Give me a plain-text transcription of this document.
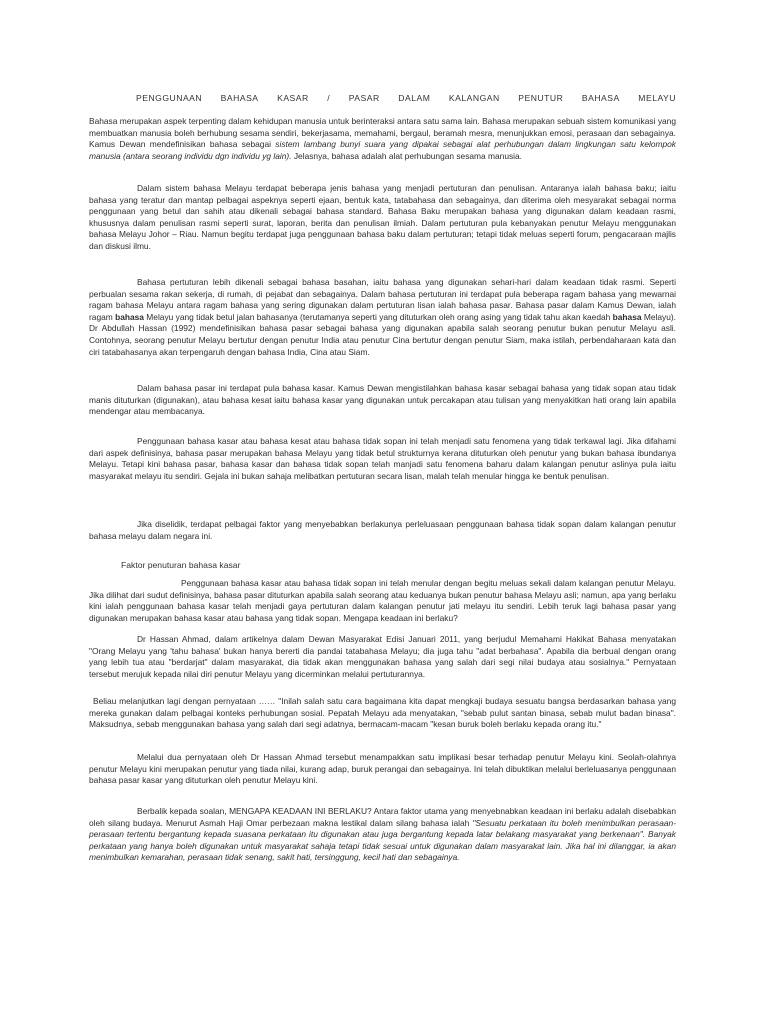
PENGGUNAAN BAHASA KASAR / PASAR DALAM KALANGAN PENUTUR BAHASA MELAYU

Bahasa merupakan aspek terpenting dalam kehidupan manusia untuk berinteraksi antara satu sama lain. Bahasa merupakan sebuah sistem komunikasi yang membuatkan manusia boleh berhubung sesama sendiri, bekerjasama, memahami, bergaul, beramah mesra, menunjukkan emosi, perasaan dan sebagainya. Kamus Dewan mendefinisikan bahasa sebagai sistem lambang bunyi suara yang dipakai sebagai alat perhubungan dalam lingkungan satu kelompok manusia (antara seorang individu dgn individu yg lain). Jelasnya, bahasa adalah alat perhubungan sesama manusia.

Dalam sistem bahasa Melayu terdapat beberapa jenis bahasa yang menjadi pertuturan dan penulisan. Antaranya ialah bahasa baku; iaitu bahasa yang teratur dan mantap pelbagai aspeknya seperti ejaan, bentuk kata, tatabahasa dan sebagainya, dan diterima oleh mesyarakat sebagai norma penggunaan yang betul dan sahih atau dikenali sebagai bahasa standard. Bahasa Baku merupakan bahasa yang digunakan dalam keadaan rasmi, khususnya dalam penulisan rasmi seperti surat, laporan, berita dan penulisan ilmiah. Dalam pertuturan pula kebanyakan penutur Melayu menggunakan bahasa Melayu Johor – Riau. Namun begitu terdapat juga penggunaan bahasa baku dalam pertuturan; tetapi tidak meluas seperti forum, pengacaraan majlis dan diskusi ilmu.

Bahasa pertuturan lebih dikenali sebagai bahasa basahan, iaitu bahasa yang digunakan sehari-hari dalam keadaan tidak rasmi. Seperti perbualan sesama rakan sekerja, di rumah, di pejabat dan sebagainya. Dalam bahasa pertuturan ini terdapat pula beberapa ragam bahasa yang mewarnai ragam bahasa Melayu antara ragam bahasa yang sering digunakan dalam pertuturan lisan ialah bahasa pasar. Bahasa pasar dalam Kamus Dewan, ialah ragam bahasa Melayu yang tidak betul jalan bahasanya (terutamanya seperti yang dituturkan oleh orang asing yang tidak tahu akan kaedah bahasa Melayu). Dr Abdullah Hassan (1992) mendefinisikan bahasa pasar sebagai bahasa yang digunakan apabila salah seorang penutur bukan penutur Melayu asli. Contohnya, seorang penutur Melayu bertutur dengan penutur India atau penutur Cina bertutur dengan penutur Siam, maka istilah, perbendaharaan kata dan ciri tatabahasanya akan terpengaruh dengan bahasa India, Cina atau Siam.

Dalam bahasa pasar ini terdapat pula bahasa kasar. Kamus Dewan mengistilahkan bahasa kasar sebagai bahasa yang tidak sopan atau tidak manis dituturkan (digunakan), atau bahasa kesat iaitu bahasa kasar yang digunakan untuk percakapan atau tulisan yang menyakitkan hati orang lain apabila mendengar atau membacanya.

Penggunaan bahasa kasar atau bahasa kesat atau bahasa tidak sopan ini telah menjadi satu fenomena yang tidak terkawal lagi. Jika difahami dari aspek definisinya, bahasa pasar merupakan bahasa Melayu yang tidak betul strukturnya kerana dituturkan oleh penutur yang bukan bahasa ibundanya Melayu. Tetapi kini bahasa pasar, bahasa kasar dan bahasa tidak sopan telah manjadi satu fenomena baharu dalam kalangan penutur aslinya pula iaitu masyarakat melayu itu sendiri. Gejala ini bukan sahaja melibatkan pertuturan secara lisan, malah telah menular hingga ke bentuk penulisan.

Jika diselidik, terdapat pelbagai faktor yang menyebabkan berlakunya perleluasaan penggunaan bahasa tidak sopan dalam kalangan penutur bahasa melayu dalam negara ini.

Faktor penuturan bahasa kasar

Penggunaan bahasa kasar atau bahasa tidak sopan ini telah menular dengan begitu meluas sekali dalam kalangan penutur Melayu. Jika dilihat dari sudut definisinya, bahasa pasar dituturkan apabila salah seorang atau keduanya bukan penutur bahasa Melayu asli; namun, apa yang berlaku kini ialah penggunaan bahasa kasar telah menjadi gaya pertuturan dalam kalangan penutur jati melayu itu sendiri. Lebih teruk lagi bahasa pasar yang digunakan merupakan bahasa kasar atau bahasa yang tidak sopan. Mengapa keadaan ini berlaku?

Dr Hassan Ahmad, dalam artikelnya dalam Dewan Masyarakat Edisi Januari 2011, yang berjudul Memahami Hakikat Bahasa menyatakan "Orang Melayu yang 'tahu bahasa' bukan hanya bererti dia pandai tatabahasa Melayu; dia juga tahu "adat berbahasa". Apabila dia berbual dengan orang yang lebih tua atau "berdarjat" dalam masyarakat, dia tidak akan menggunakan bahasa yang salah dari segi nilai budaya atau sosialnya." Pernyataan tersebut merujuk kepada nilai diri penutur Melayu yang dicerminkan melalui pertuturannya.

Beliau melanjutkan lagi dengan pernyataan …… "Inilah salah satu cara bagaimana kita dapat mengkaji budaya sesuatu bangsa berdasarkan bahasa yang mereka gunakan dalam pelbagai konteks perhubungan sosial. Pepatah Melayu ada menyatakan, "sebab pulut santan binasa, sebab mulut badan binasa". Maksudnya, sebab menggunakan bahasa yang salah dari segi adatnya, bermacam-macam "kesan buruk boleh berlaku kepada orang itu."

Melalui dua pernyataan oleh Dr Hassan Ahmad tersebut menampakkan satu implikasi besar terhadap penutur Melayu kini. Seolah-olahnya penutur Melayu kini merupakan penutur yang tiada nilai, kurang adap, buruk perangai dan sebagainya. Ini telah dibuktikan melalui berleluasanya penggunaan bahasa pasar kasar yang dituturkan oleh penutur Melayu kini.

Berbalik kepada soalan, MENGAPA KEADAAN INI BERLAKU? Antara faktor utama yang menyebnabkan keadaan ini berlaku adalah disebabkan oleh silang budaya. Menurut Asmah Haji Omar perbezaan makna lestikal dalam silang bahasa ialah "Sesuatu perkataan itu boleh menimbulkan perasaan-perasaan tertentu bergantung kepada suasana perkataan itu digunakan atau juga bergantung kepada latar belakang masyarakat yang berkenaan". Banyak perkataan yang hanya boleh digunakan untuk masyarakat sahaja tetapi tidak sesuai untuk digunakan dalam masyarakat lain. Jika hal ini dilanggar, ia akan menimbulkan kemarahan, perasaan tidak senang, sakit hati, tersinggung, kecil hati dan sebagainya.
